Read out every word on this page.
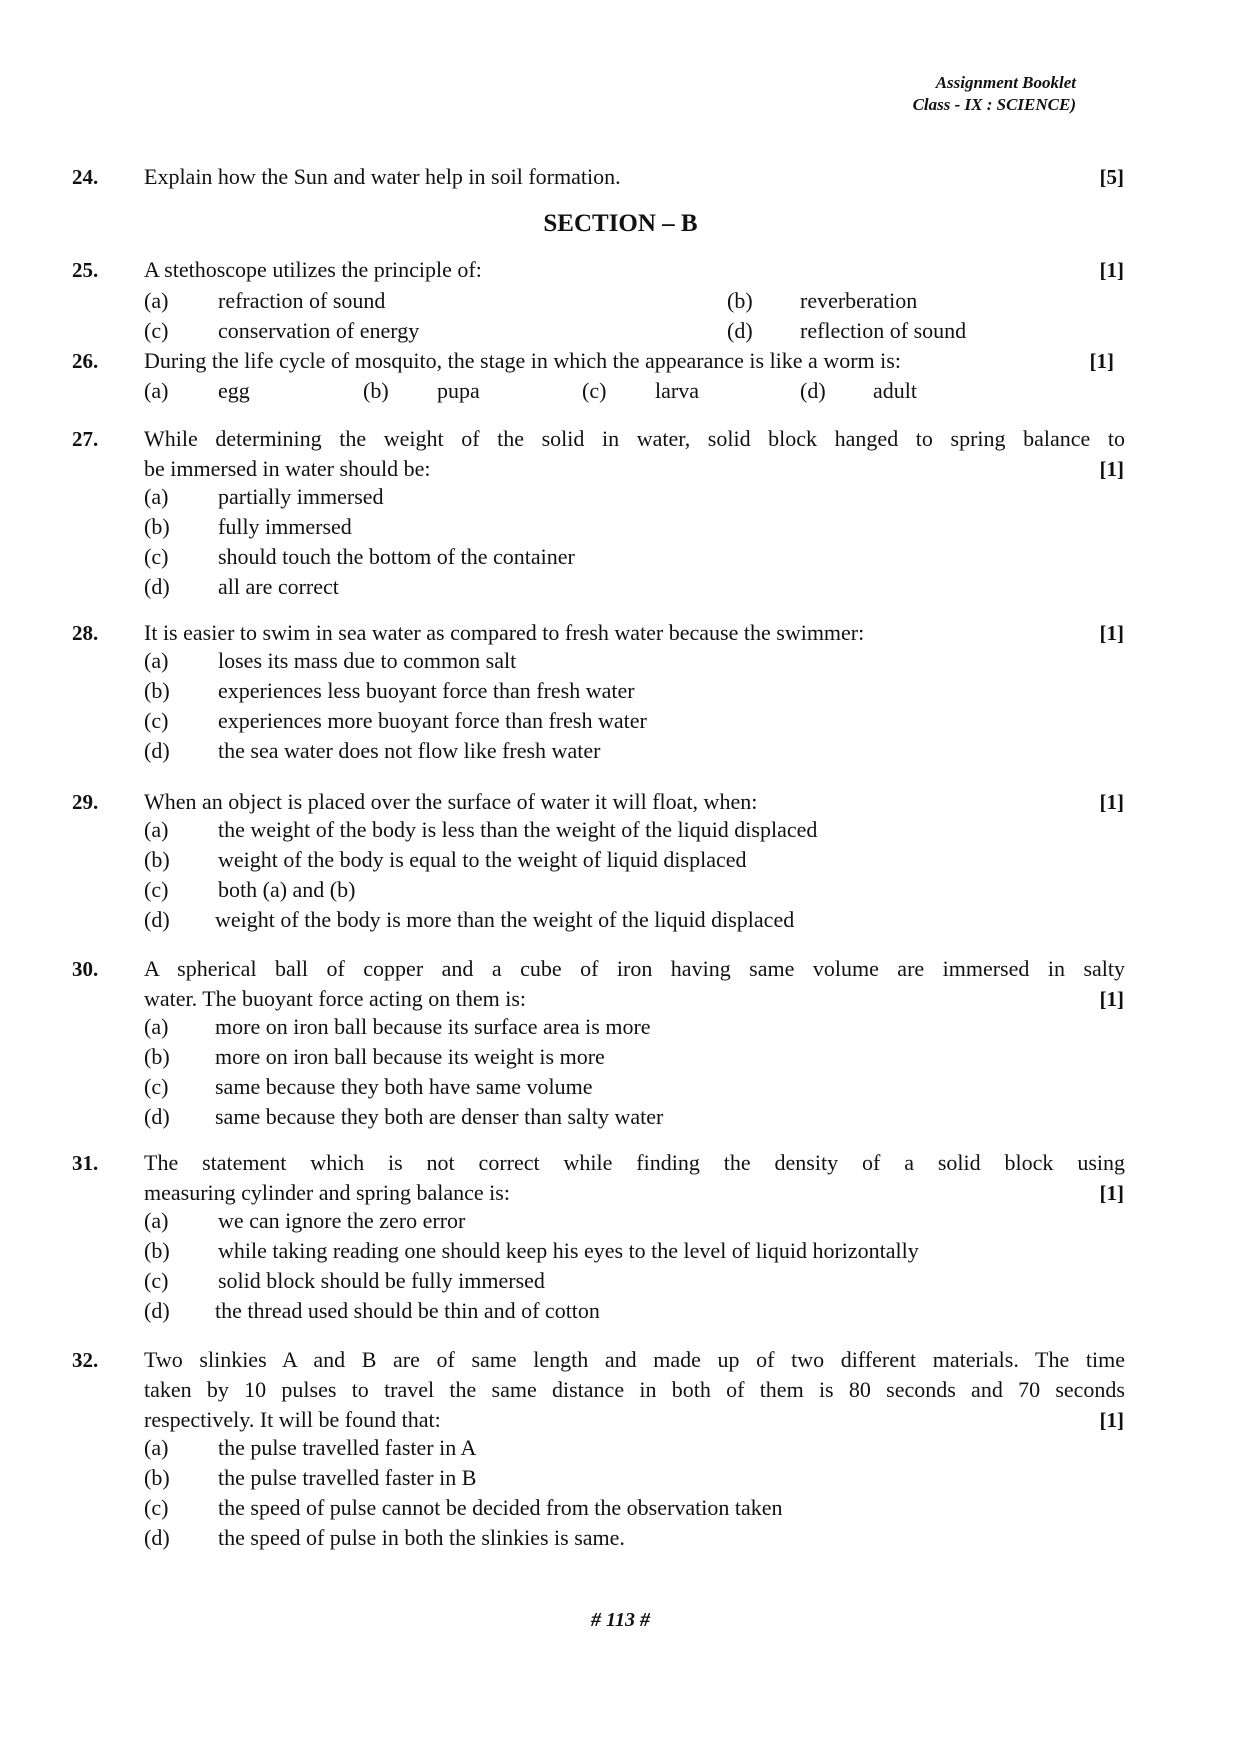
Assignment Booklet
Class - IX : SCIENCE)
24. Explain how the Sun and water help in soil formation.	[5]
SECTION – B
25. A stethoscope utilizes the principle of:	[1]
(a) refraction of sound	(b) reverberation
(c) conservation of energy	(d) reflection of sound
26. During the life cycle of mosquito, the stage in which the appearance is like a worm is:	[1]
(a) egg	(b) pupa	(c) larva	(d) adult
27. While determining the weight of the solid in water, solid block hanged to spring balance to
be immersed in water should be:	[1]
(a) partially immersed
(b) fully immersed
(c) should touch the bottom of the container
(d) all are correct
28. It is easier to swim in sea water as compared to fresh water because the swimmer:	[1]
(a) loses its mass due to common salt
(b) experiences less buoyant force than fresh water
(c) experiences more buoyant force than fresh water
(d) the sea water does not flow like fresh water
29. When an object is placed over the surface of water it will float, when:	[1]
(a) the weight of the body is less than the weight of the liquid displaced
(b) weight of the body is equal to the weight of liquid displaced
(c) both (a) and (b)
(d) weight of the body is more than the weight of the liquid displaced
30. A spherical ball of copper and a cube of iron having same volume are immersed in salty
water. The buoyant force acting on them is:	[1]
(a) more on iron ball because its surface area is more
(b) more on iron ball because its weight is more
(c) same because they both have same volume
(d) same because they both are denser than salty water
31. The statement which is not correct while finding the density of a solid block using
measuring cylinder and spring balance is:	[1]
(a) we can ignore the zero error
(b) while taking reading one should keep his eyes to the level of liquid horizontally
(c) solid block should be fully immersed
(d) the thread used should be thin and of cotton
32. Two slinkies A and B are of same length and made up of two different materials. The time
taken by 10 pulses to travel the same distance in both of them is 80 seconds and 70 seconds
respectively. It will be found that:	[1]
(a) the pulse travelled faster in A
(b) the pulse travelled faster in B
(c) the speed of pulse cannot be decided from the observation taken
(d) the speed of pulse in both the slinkies is same.
# 113 #
